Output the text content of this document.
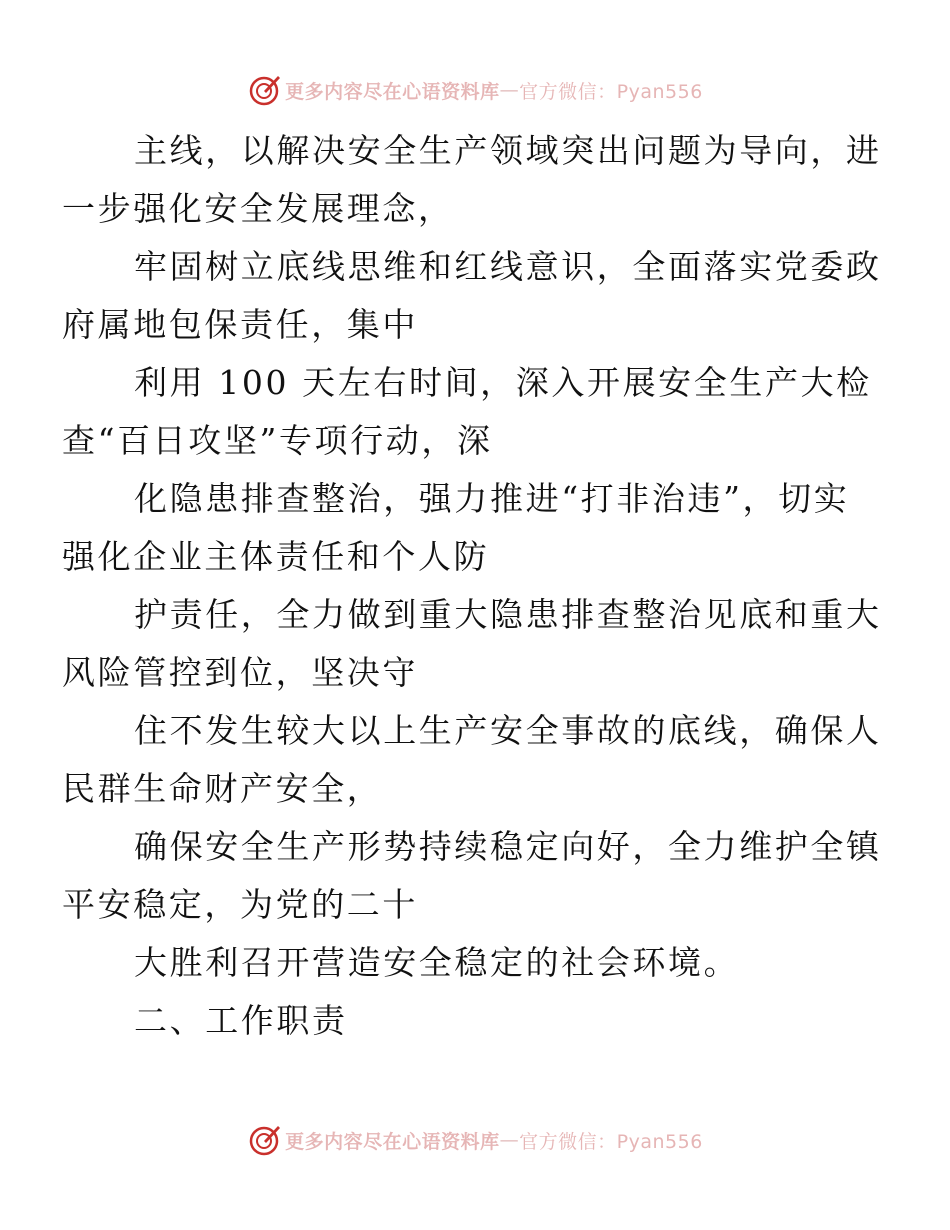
更多内容尽在心语资料库 — 官方微信：Pyan556

主线，以解决安全生产领域突出问题为导向，进
一步强化安全发展理念，

牢固树立底线思维和红线意识，全面落实党委政
府属地包保责任，集中

利用 100 天左右时间，深入开展安全生产大检
查“百日攻坚”专项行动，深

化隐患排查整治，强力推进“打非治违”，切实
强化企业主体责任和个人防

护责任，全力做到重大隐患排查整治见底和重大
风险管控到位，坚决守

住不发生较大以上生产安全事故的底线，确保人
民群生命财产安全，

确保安全生产形势持续稳定向好，全力维护全镇
平安稳定，为党的二十

大胜利召开营造安全稳定的社会环境。

二、工作职责

更多内容尽在心语资料库 — 官方微信：Pyan556
